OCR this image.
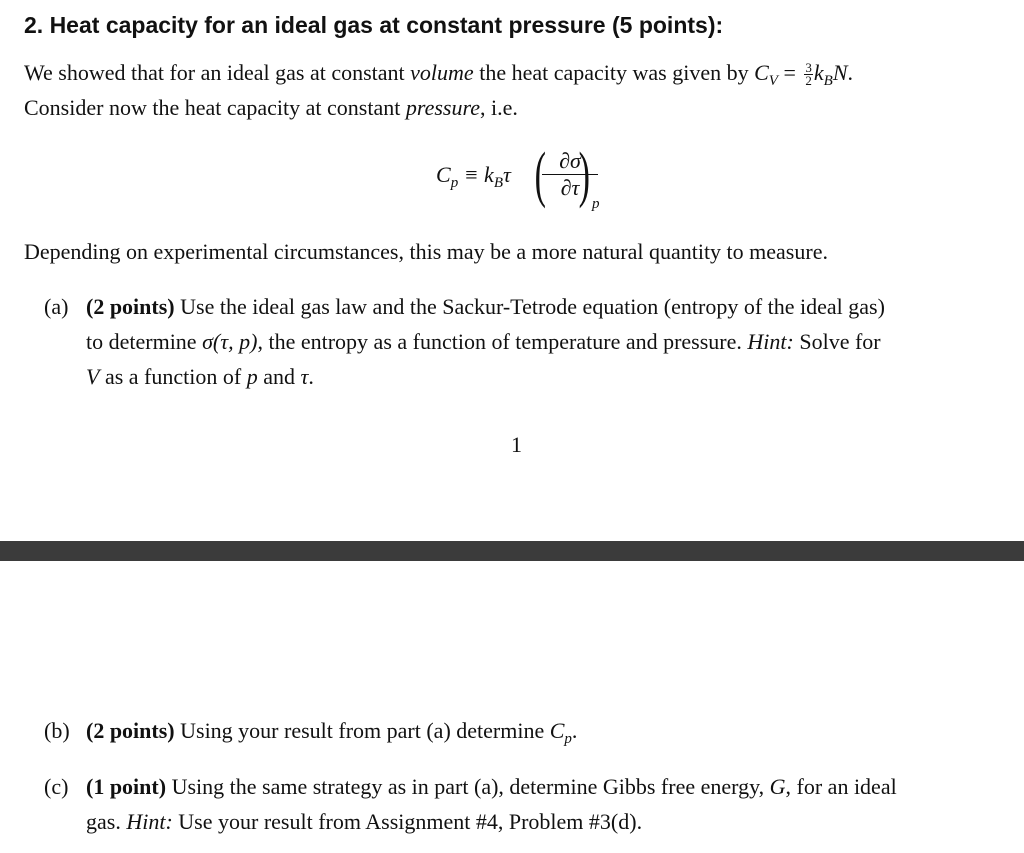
2. Heat capacity for an ideal gas at constant pressure (5 points):
We showed that for an ideal gas at constant volume the heat capacity was given by $C_V = \frac{3}{2} k_BN$.
Consider now the heat capacity at constant pressure, i.e.
$C_p \equiv k_B\tau$ (
$\frac{\partial\sigma}{\partial\tau}$
) p
Depending on experimental circumstances, this may be a more natural quantity to measure.
(a) (2 points) Use the ideal gas law and the Sackur-Tetrode equation (entropy of the ideal gas)
to determine σ(τ, p), the entropy as a function of temperature and pressure. Hint: Solve for
V as a function of p and τ.
1
(b) (2 points) Using your result from part (a) determine $C_p$.
(c) (1 point) Using the same strategy as in part (a), determine Gibbs free energy, G, for an ideal
gas. Hint: Use your result from Assignment #4, Problem #3(d).
